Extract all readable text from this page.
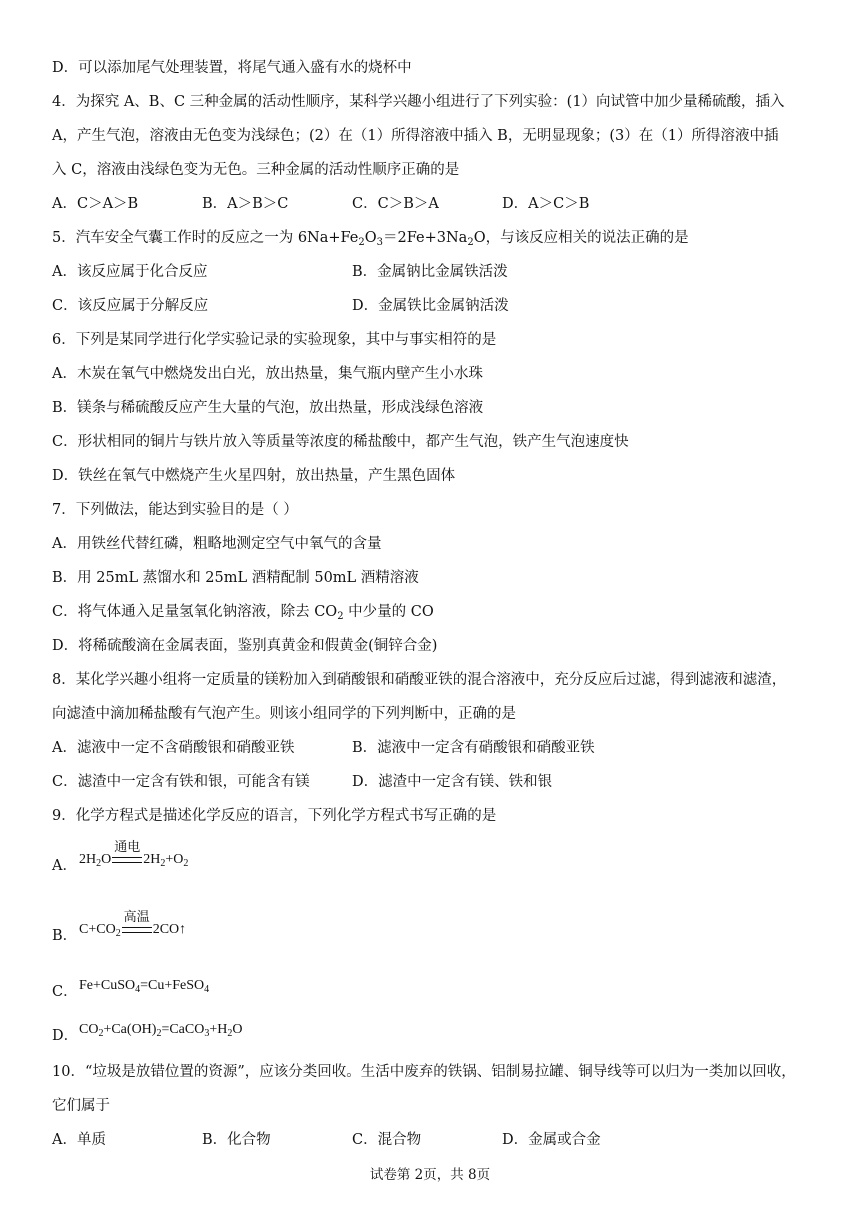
D．可以添加尾气处理装置，将尾气通入盛有水的烧杯中
4．为探究 A、B、C 三种金属的活动性顺序，某科学兴趣小组进行了下列实验：(1）向试管中加少量稀硫酸，插入
A，产生气泡，溶液由无色变为浅绿色；(2）在（1）所得溶液中插入 B，无明显现象；(3）在（1）所得溶液中插
入 C，溶液由浅绿色变为无色。三种金属的活动性顺序正确的是
A．C＞A＞B	B．A＞B＞C	C．C＞B＞A	D．A＞C＞B
5．汽车安全气囊工作时的反应之一为 $6Na+Fe_2O_3=2Fe+3Na_2O$，与该反应相关的说法正确的是
A．该反应属于化合反应	B．金属钠比金属铁活泼
C．该反应属于分解反应	D．金属铁比金属钠活泼
6．下列是某同学进行化学实验记录的实验现象，其中与事实相符的是
A．木炭在氧气中燃烧发出白光，放出热量，集气瓶内壁产生小水珠
B．镁条与稀硫酸反应产生大量的气泡，放出热量，形成浅绿色溶液
C．形状相同的铜片与铁片放入等质量等浓度的稀盐酸中，都产生气泡，铁产生气泡速度快
D．铁丝在氧气中燃烧产生火星四射，放出热量，产生黑色固体
7．下列做法，能达到实验目的是（ ）
A．用铁丝代替红磷，粗略地测定空气中氧气的含量
B．用 25mL 蒸馏水和 25mL 酒精配制 50mL 酒精溶液
C．将气体通入足量氢氧化钠溶液，除去 $CO_2$ 中少量的 CO
D．将稀硫酸滴在金属表面，鉴别真黄金和假黄金(铜锌合金)
8．某化学兴趣小组将一定质量的镁粉加入到硝酸银和硝酸亚铁的混合溶液中，充分反应后过滤，得到滤液和滤渣，
向滤渣中滴加稀盐酸有气泡产生。则该小组同学的下列判断中，正确的是
A．滤液中一定不含硝酸银和硝酸亚铁	B．滤液中一定含有硝酸银和硝酸亚铁
C．滤渣中一定含有铁和银，可能含有镁	D．滤渣中一定含有镁、铁和银
9．化学方程式是描述化学反应的语言，下列化学方程式书写正确的是
A． $2H_2O$
通电
$2H_2+O_2$
B． $C+CO_2$
高温
2CO↑
C． Fe+CuSO$_4$=Cu+FeSO$_4$
D． $CO_2+Ca(OH)_2=CaCO_3+H_2O$
10．“垃圾是放错位置的资源”，应该分类回收。生活中废弃的铁锅、铝制易拉罐、铜导线等可以归为一类加以回收，
它们属于
A．单质	B．化合物	C．混合物	D．金属或合金
试卷第 2页，共 8页
